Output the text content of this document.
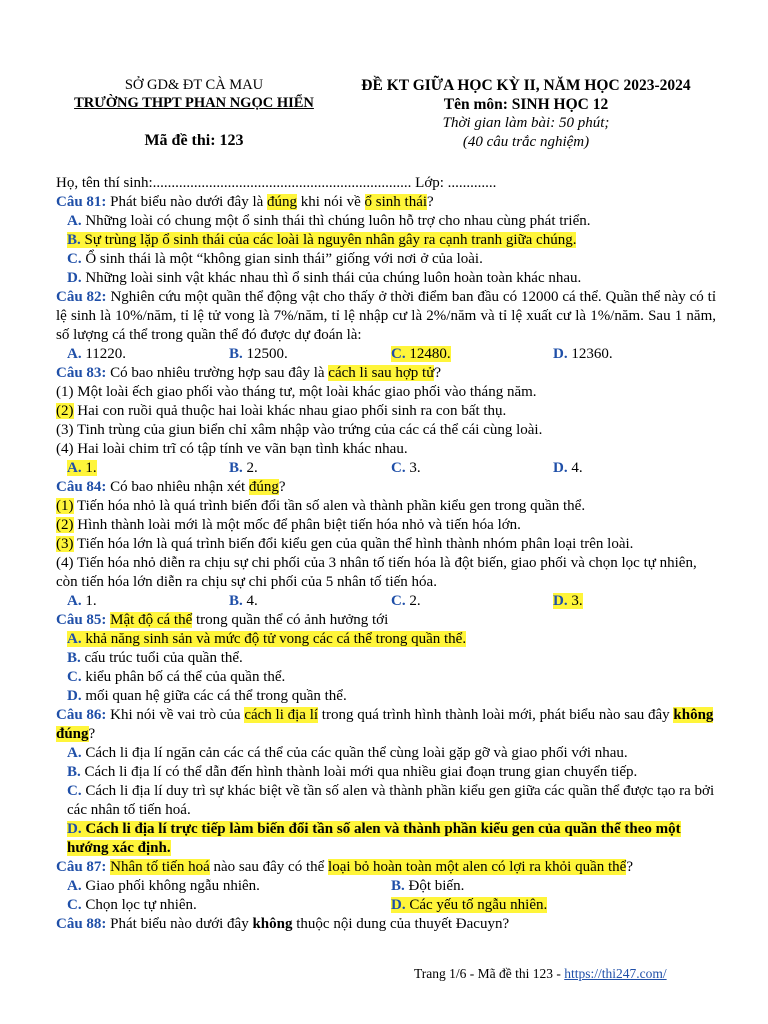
SỞ GD& ĐT CÀ MAU
TRƯỜNG THPT PHAN NGỌC HIỂN
Mã đề thi: 123
ĐỀ KT GIỮA HỌC KỲ II, NĂM HỌC 2023-2024
Tên môn: SINH HỌC 12
Thời gian làm bài: 50 phút;
(40 câu trắc nghiệm)
Họ, tên thí sinh:..................................................................... Lớp: .............
Câu 81: Phát biểu nào dưới đây là đúng khi nói về ổ sinh thái?
A. Những loài có chung một ổ sinh thái thì chúng luôn hỗ trợ cho nhau cùng phát triển.
B. Sự trùng lặp ổ sinh thái của các loài là nguyên nhân gây ra cạnh tranh giữa chúng.
C. Ổ sinh thái là một “không gian sinh thái” giống với nơi ở của loài.
D. Những loài sinh vật khác nhau thì ổ sinh thái của chúng luôn hoàn toàn khác nhau.
Câu 82: Nghiên cứu một quần thể động vật cho thấy ở thời điểm ban đầu có 12000 cá thể. Quần thể này có tỉ lệ sinh là 10%/năm, tỉ lệ tử vong là 7%/năm, tỉ lệ nhập cư là 2%/năm và tỉ lệ xuất cư là 1%/năm. Sau 1 năm, số lượng cá thể trong quần thể đó được dự đoán là:
A. 11220.	B. 12500.	C. 12480.	D. 12360.
Câu 83: Có bao nhiêu trường hợp sau đây là cách li sau hợp tử?
(1) Một loài ếch giao phối vào tháng tư, một loài khác giao phối vào tháng năm.
(2) Hai con ruồi quả thuộc hai loài khác nhau giao phối sinh ra con bất thụ.
(3) Tinh trùng của giun biển chỉ xâm nhập vào trứng của các cá thể cái cùng loài.
(4) Hai loài chim trĩ có tập tính ve vãn bạn tình khác nhau.
A. 1.	B. 2.	C. 3.	D. 4.
Câu 84: Có bao nhiêu nhận xét đúng?
(1) Tiến hóa nhỏ là quá trình biến đổi tần số alen và thành phần kiểu gen trong quần thể.
(2) Hình thành loài mới là một mốc để phân biệt tiến hóa nhỏ và tiến hóa lớn.
(3) Tiến hóa lớn là quá trình biến đổi kiểu gen của quần thể hình thành nhóm phân loại trên loài.
(4) Tiến hóa nhỏ diễn ra chịu sự chi phối của 3 nhân tố tiến hóa là đột biến, giao phối và chọn lọc tự nhiên, còn tiến hóa lớn diễn ra chịu sự chi phối của 5 nhân tố tiến hóa.
A. 1.	B. 4.	C. 2.	D. 3.
Câu 85: Mật độ cá thể trong quần thể có ảnh hưởng tới
A. khả năng sinh sản và mức độ tử vong các cá thể trong quần thể.
B. cấu trúc tuổi của quần thể.
C. kiểu phân bố cá thể của quần thể.
D. mối quan hệ giữa các cá thể trong quần thể.
Câu 86: Khi nói về vai trò của cách li địa lí trong quá trình hình thành loài mới, phát biểu nào sau đây không đúng?
A. Cách li địa lí ngăn cản các cá thể của các quần thể cùng loài gặp gỡ và giao phối với nhau.
B. Cách li địa lí có thể dẫn đến hình thành loài mới qua nhiều giai đoạn trung gian chuyển tiếp.
C. Cách li địa lí duy trì sự khác biệt về tần số alen và thành phần kiểu gen giữa các quần thể được tạo ra bởi các nhân tố tiến hoá.
D. Cách li địa lí trực tiếp làm biến đổi tần số alen và thành phần kiểu gen của quần thể theo một hướng xác định.
Câu 87: Nhân tố tiến hoá nào sau đây có thể loại bỏ hoàn toàn một alen có lợi ra khỏi quần thể?
A. Giao phối không ngẫu nhiên.	B. Đột biến.
C. Chọn lọc tự nhiên.	D. Các yếu tố ngẫu nhiên.
Câu 88: Phát biểu nào dưới đây không thuộc nội dung của thuyết Đacuyn?
Trang 1/6 - Mã đề thi 123 - https://thi247.com/
